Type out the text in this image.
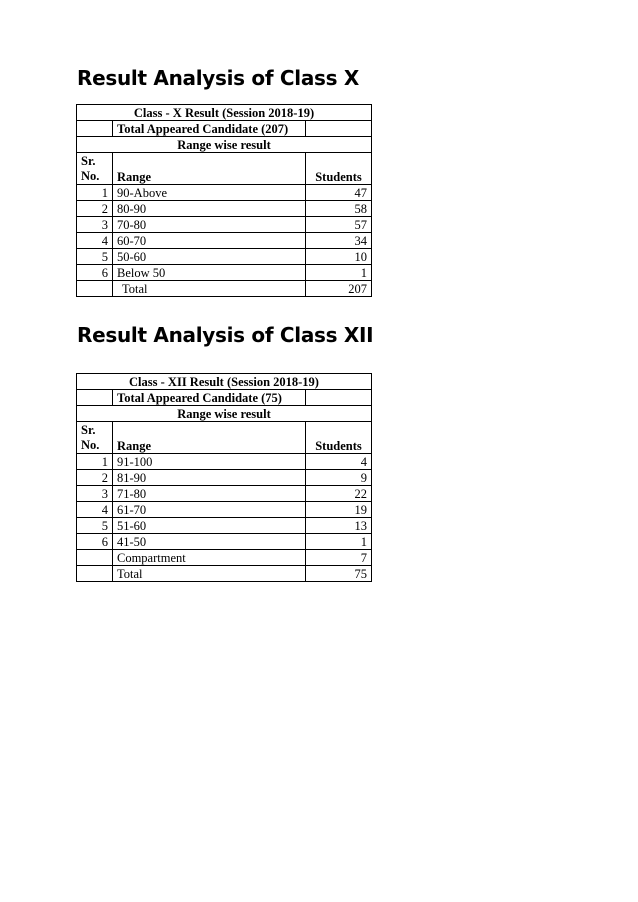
Result Analysis of Class X
Class - X Result (Session 2018-19)		
	Total Appeared Candidate (207)	
Range wise result		
Sr.
No.	Range	Students
1	90-Above	47
2	80-90	58
3	70-80	57
4	60-70	34
5	50-60	10
6	Below 50	1
	Total	207
Result Analysis of Class XII
Class - XII Result (Session 2018-19)		
	Total Appeared Candidate (75)	
Range wise result		
Sr.
No.	Range	Students
1	91-100	4
2	81-90	9
3	71-80	22
4	61-70	19
5	51-60	13
6	41-50	1
	Compartment	7
	Total	75
